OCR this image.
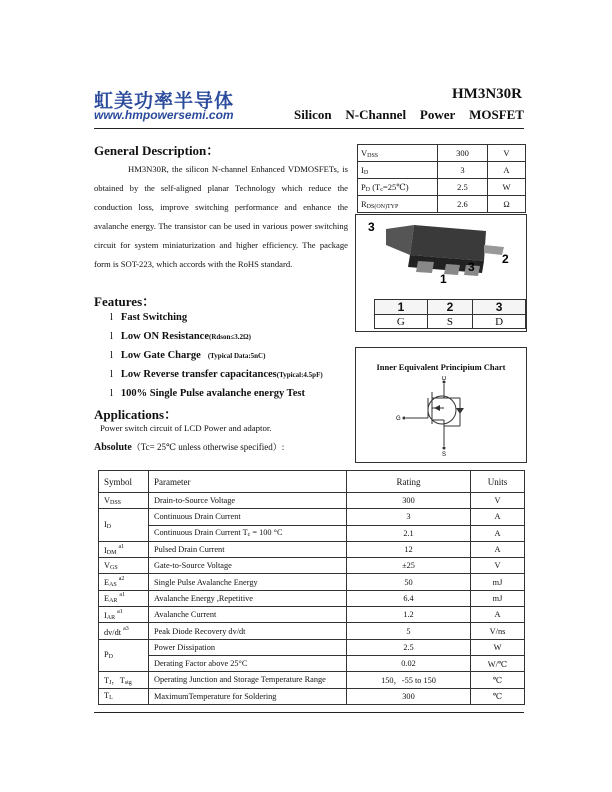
虹美功率半导体
www.hmpowersemi.com
HM3N30R
Silicon N-Channel Power MOSFET
General Description：

HM3N30R, the silicon N-channel Enhanced VDMOSFETs, is obtained by the self-aligned planar Technology which reduce the conduction loss, improve switching performance and enhance the avalanche energy. The transistor can be used in various power switching circuit for system miniaturization and higher efficiency. The package form is SOT-223, which accords with the RoHS standard.

VDSS	300	V
ID	3	A
PD (Tc=25℃)	2.5	W
RDS(ON)TYP	2.6	Ω
3
3
2
1
1	2	3
G	S	D
Features：
l Fast Switching
l Low ON Resistance(Rdson≤3.2Ω)
l Low Gate Charge    (Typical Data:5nC)
l Low Reverse transfer capacitances(Typical:4.5pF)
l 100% Single Pulse avalanche energy Test
Applications：
Power switch circuit of LCD Power and adaptor.
Absolute（Tc= 25℃ unless otherwise specified）:
Inner Equivalent Principium Chart
D
G
S
Symbol	Parameter	Rating	Units
VDSS	Drain-to-Source Voltage	300	V
ID	Continuous Drain Current	3	A
	Continuous Drain Current Tc = 100 °C	2.1	A
$IDM^{a1}$	Pulsed Drain Current	12	A
VGS	Gate-to-Source Voltage	±25	V
$EAS^{a2}$	Single Pulse Avalanche Energy	50	mJ
$EAR^{a1}$	Avalanche Energy ,Repetitive	6.4	mJ
$IAR^{a1}$	Avalanche Current	1.2	A
dv/dt $^{a3}$	Peak Diode Recovery dv/dt	5	V/ns
PD	Power Dissipation	2.5	W
	Derating Factor above 25°C	0.02	W/℃
TJ，Tstg	Operating Junction and Storage Temperature Range	150，-55 to 150	℃
TL	MaximumTemperature for Soldering	300	℃
